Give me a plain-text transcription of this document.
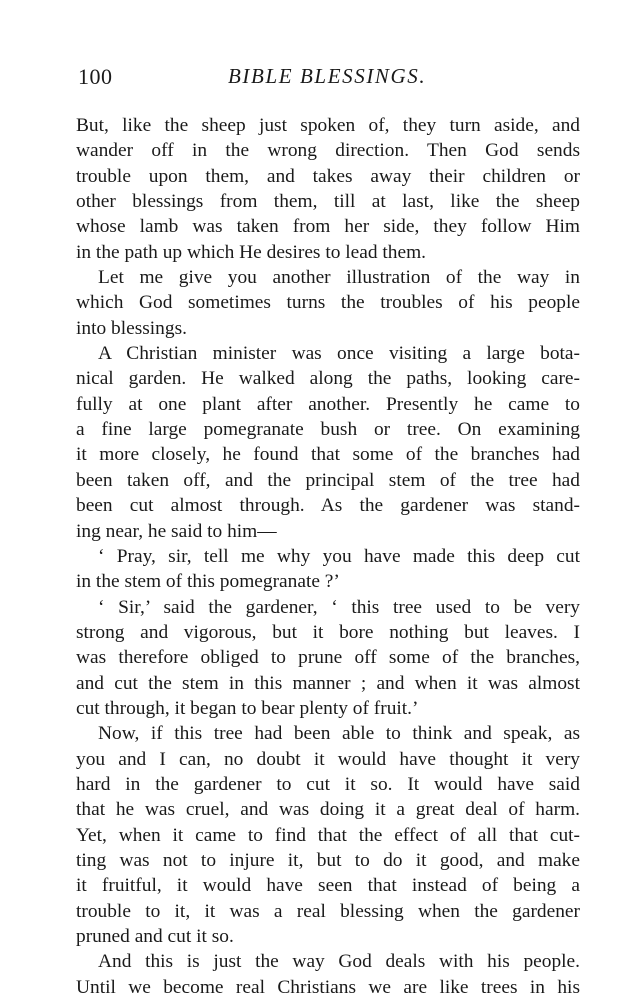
100	BIBLE BLESSINGS.
But, like the sheep just spoken of, they turn aside, and
wander off in the wrong direction. Then God sends
trouble upon them, and takes away their children or
other blessings from them, till at last, like the sheep
whose lamb was taken from her side, they follow Him
in the path up which He desires to lead them.
Let me give you another illustration of the way in
which God sometimes turns the troubles of his people
into blessings.
A Christian minister was once visiting a large bota-
nical garden. He walked along the paths, looking care-
fully at one plant after another. Presently he came to
a fine large pomegranate bush or tree. On examining
it more closely, he found that some of the branches had
been taken off, and the principal stem of the tree had
been cut almost through. As the gardener was stand-
ing near, he said to him—
‘ Pray, sir, tell me why you have made this deep cut
in the stem of this pomegranate ?’
‘ Sir,’ said the gardener, ‘ this tree used to be very
strong and vigorous, but it bore nothing but leaves. I
was therefore obliged to prune off some of the branches,
and cut the stem in this manner ; and when it was almost
cut through, it began to bear plenty of fruit.’
Now, if this tree had been able to think and speak, as
you and I can, no doubt it would have thought it very
hard in the gardener to cut it so. It would have said
that he was cruel, and was doing it a great deal of harm.
Yet, when it came to find that the effect of all that cut-
ting was not to injure it, but to do it good, and make
it fruitful, it would have seen that instead of being a
trouble to it, it was a real blessing when the gardener
pruned and cut it so.
And this is just the way God deals with his people.
Until we become real Christians we are like trees in his
